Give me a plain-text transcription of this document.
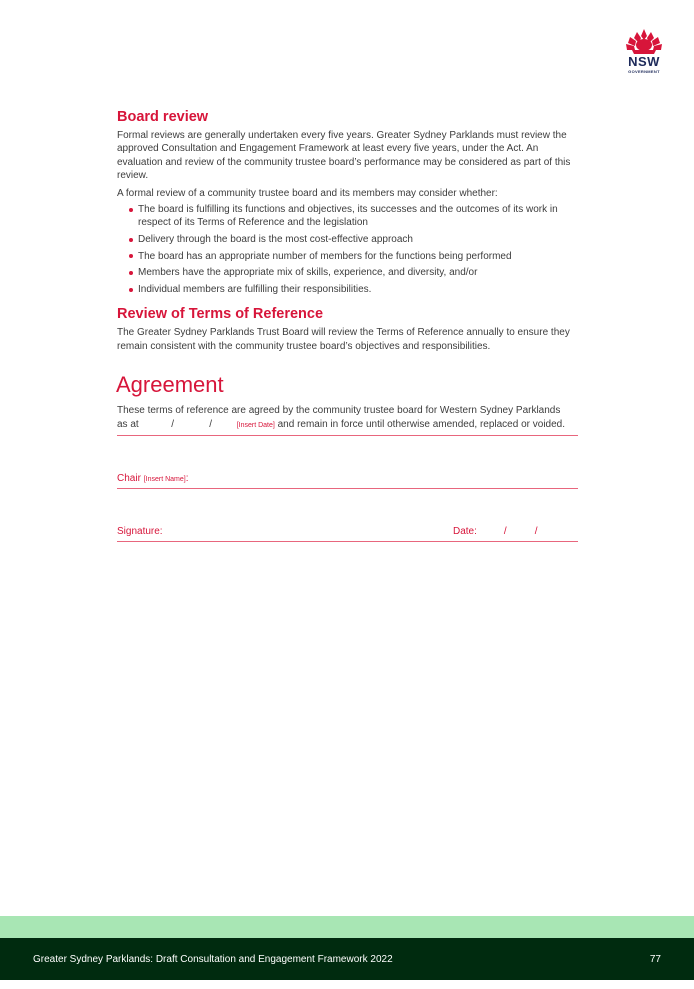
NSW
GOVERNMENT
Board review

Formal reviews are generally undertaken every five years. Greater Sydney Parklands must review the approved Consultation and Engagement Framework at least every five years, under the Act. An evaluation and review of the community trustee board’s performance may be considered as part of this review.

A formal review of a community trustee board and its members may consider whether:

The board is fulfilling its functions and objectives, its successes and the outcomes of its work in respect of its Terms of Reference and the legislation
Delivery through the board is the most cost-effective approach
The board has an appropriate number of members for the functions being performed
Members have the appropriate mix of skills, experience, and diversity, and/or
Individual members are fulfilling their responsibilities.
Review of Terms of Reference

The Greater Sydney Parklands Trust Board will review the Terms of Reference annually to ensure they remain consistent with the community trustee board’s objectives and responsibilities.

Agreement
These terms of reference are agreed by the community trustee board for Western Sydney Parklands
as at	/	/	[Insert Date] and remain in force until otherwise amended, replaced or voided.
Chair [Insert Name]:
Signature:	Date:	/	/
Greater Sydney Parklands: Draft Consultation and Engagement Framework 2022	77
